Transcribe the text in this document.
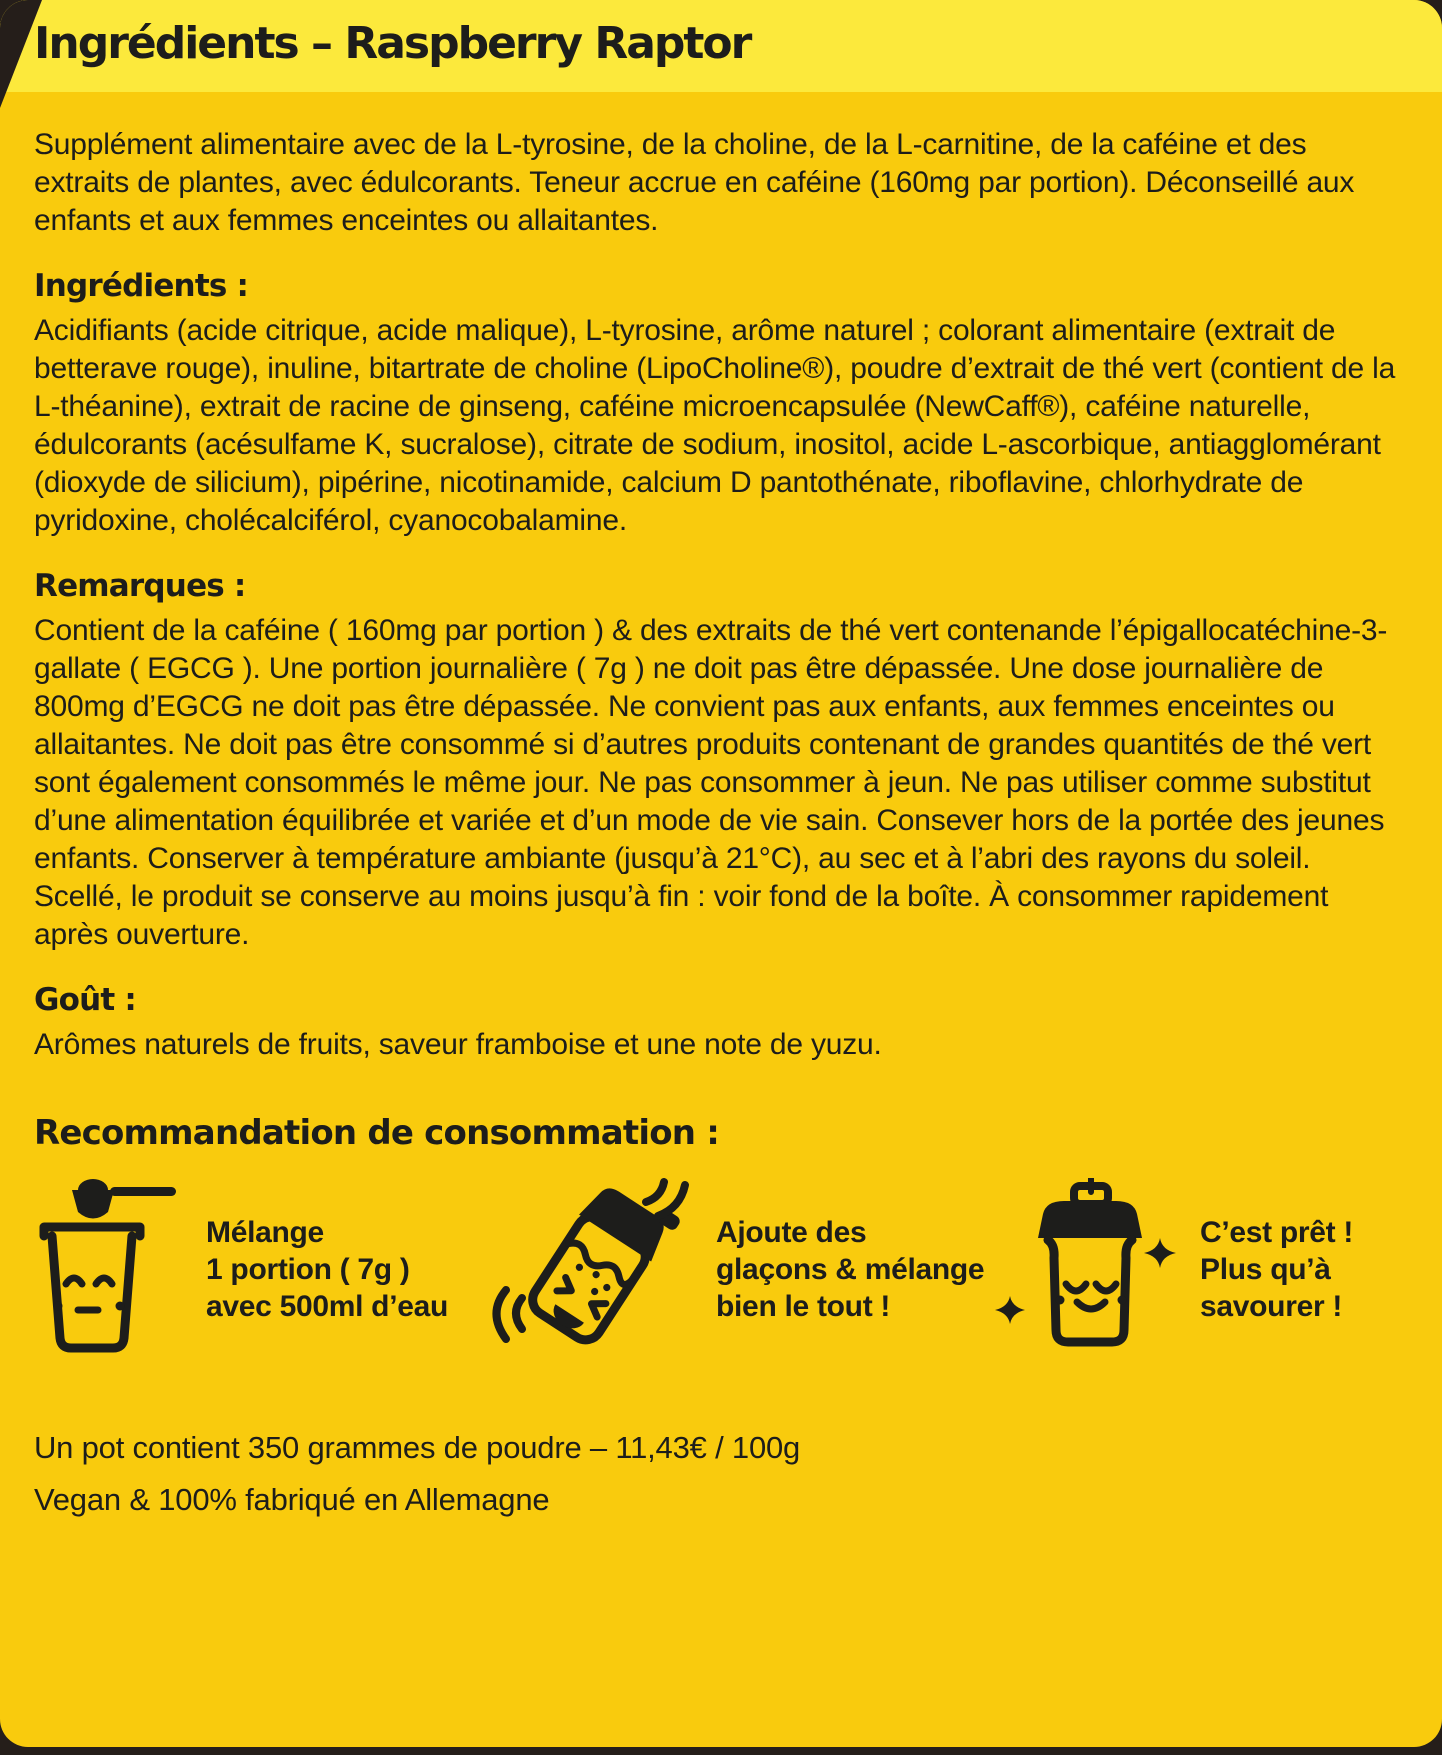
Ingrédients – Raspberry Raptor

Supplément alimentaire avec de la L-tyrosine, de la choline, de la L-carnitine, de la caféine et des extraits de plantes, avec édulcorants. Teneur accrue en caféine (160mg par portion). Déconseillé aux enfants et aux femmes enceintes ou allaitantes.

Ingrédients :

Acidifiants (acide citrique, acide malique), L-tyrosine, arôme naturel ; colorant alimentaire (extrait de betterave rouge), inuline, bitartrate de choline (LipoCholine®), poudre d’extrait de thé vert (contient de la L-théanine), extrait de racine de ginseng, caféine microencapsulée (NewCaff®), caféine naturelle, édulcorants (acésulfame K, sucralose), citrate de sodium, inositol, acide L-ascorbique, antiagglomérant (dioxyde de silicium), pipérine, nicotinamide, calcium D pantothénate, riboflavine, chlorhydrate de pyridoxine, cholécalciférol, cyanocobalamine.

Remarques :

Contient de la caféine ( 160mg par portion ) & des extraits de thé vert contenande l’épigallocatéchine-3-gallate ( EGCG ). Une portion journalière ( 7g ) ne doit pas être dépassée. Une dose journalière de 800mg d’EGCG ne doit pas être dépassée. Ne convient pas aux enfants, aux femmes enceintes ou allaitantes. Ne doit pas être consommé si d’autres produits contenant de grandes quantités de thé vert sont également consommés le même jour. Ne pas consommer à jeun. Ne pas utiliser comme substitut d’une alimentation équilibrée et variée et d’un mode de vie sain. Consever hors de la portée des jeunes enfants. Conserver à température ambiante (jusqu’à 21°C), au sec et à l’abri des rayons du soleil.

Scellé, le produit se conserve au moins jusqu’à fin : voir fond de la boîte. À consommer rapidement après ouverture.

Goût :

Arômes naturels de fruits, saveur framboise et une note de yuzu.

Recommandation de consommation :
Mélange
1 portion ( 7g )
avec 500ml d’eau
Ajoute des
glaçons & mélange
bien le tout !
C’est prêt !
Plus qu’à
savourer !
Un pot contient 350 grammes de poudre – 11,43€ / 100g
Vegan & 100% fabriqué en Allemagne
